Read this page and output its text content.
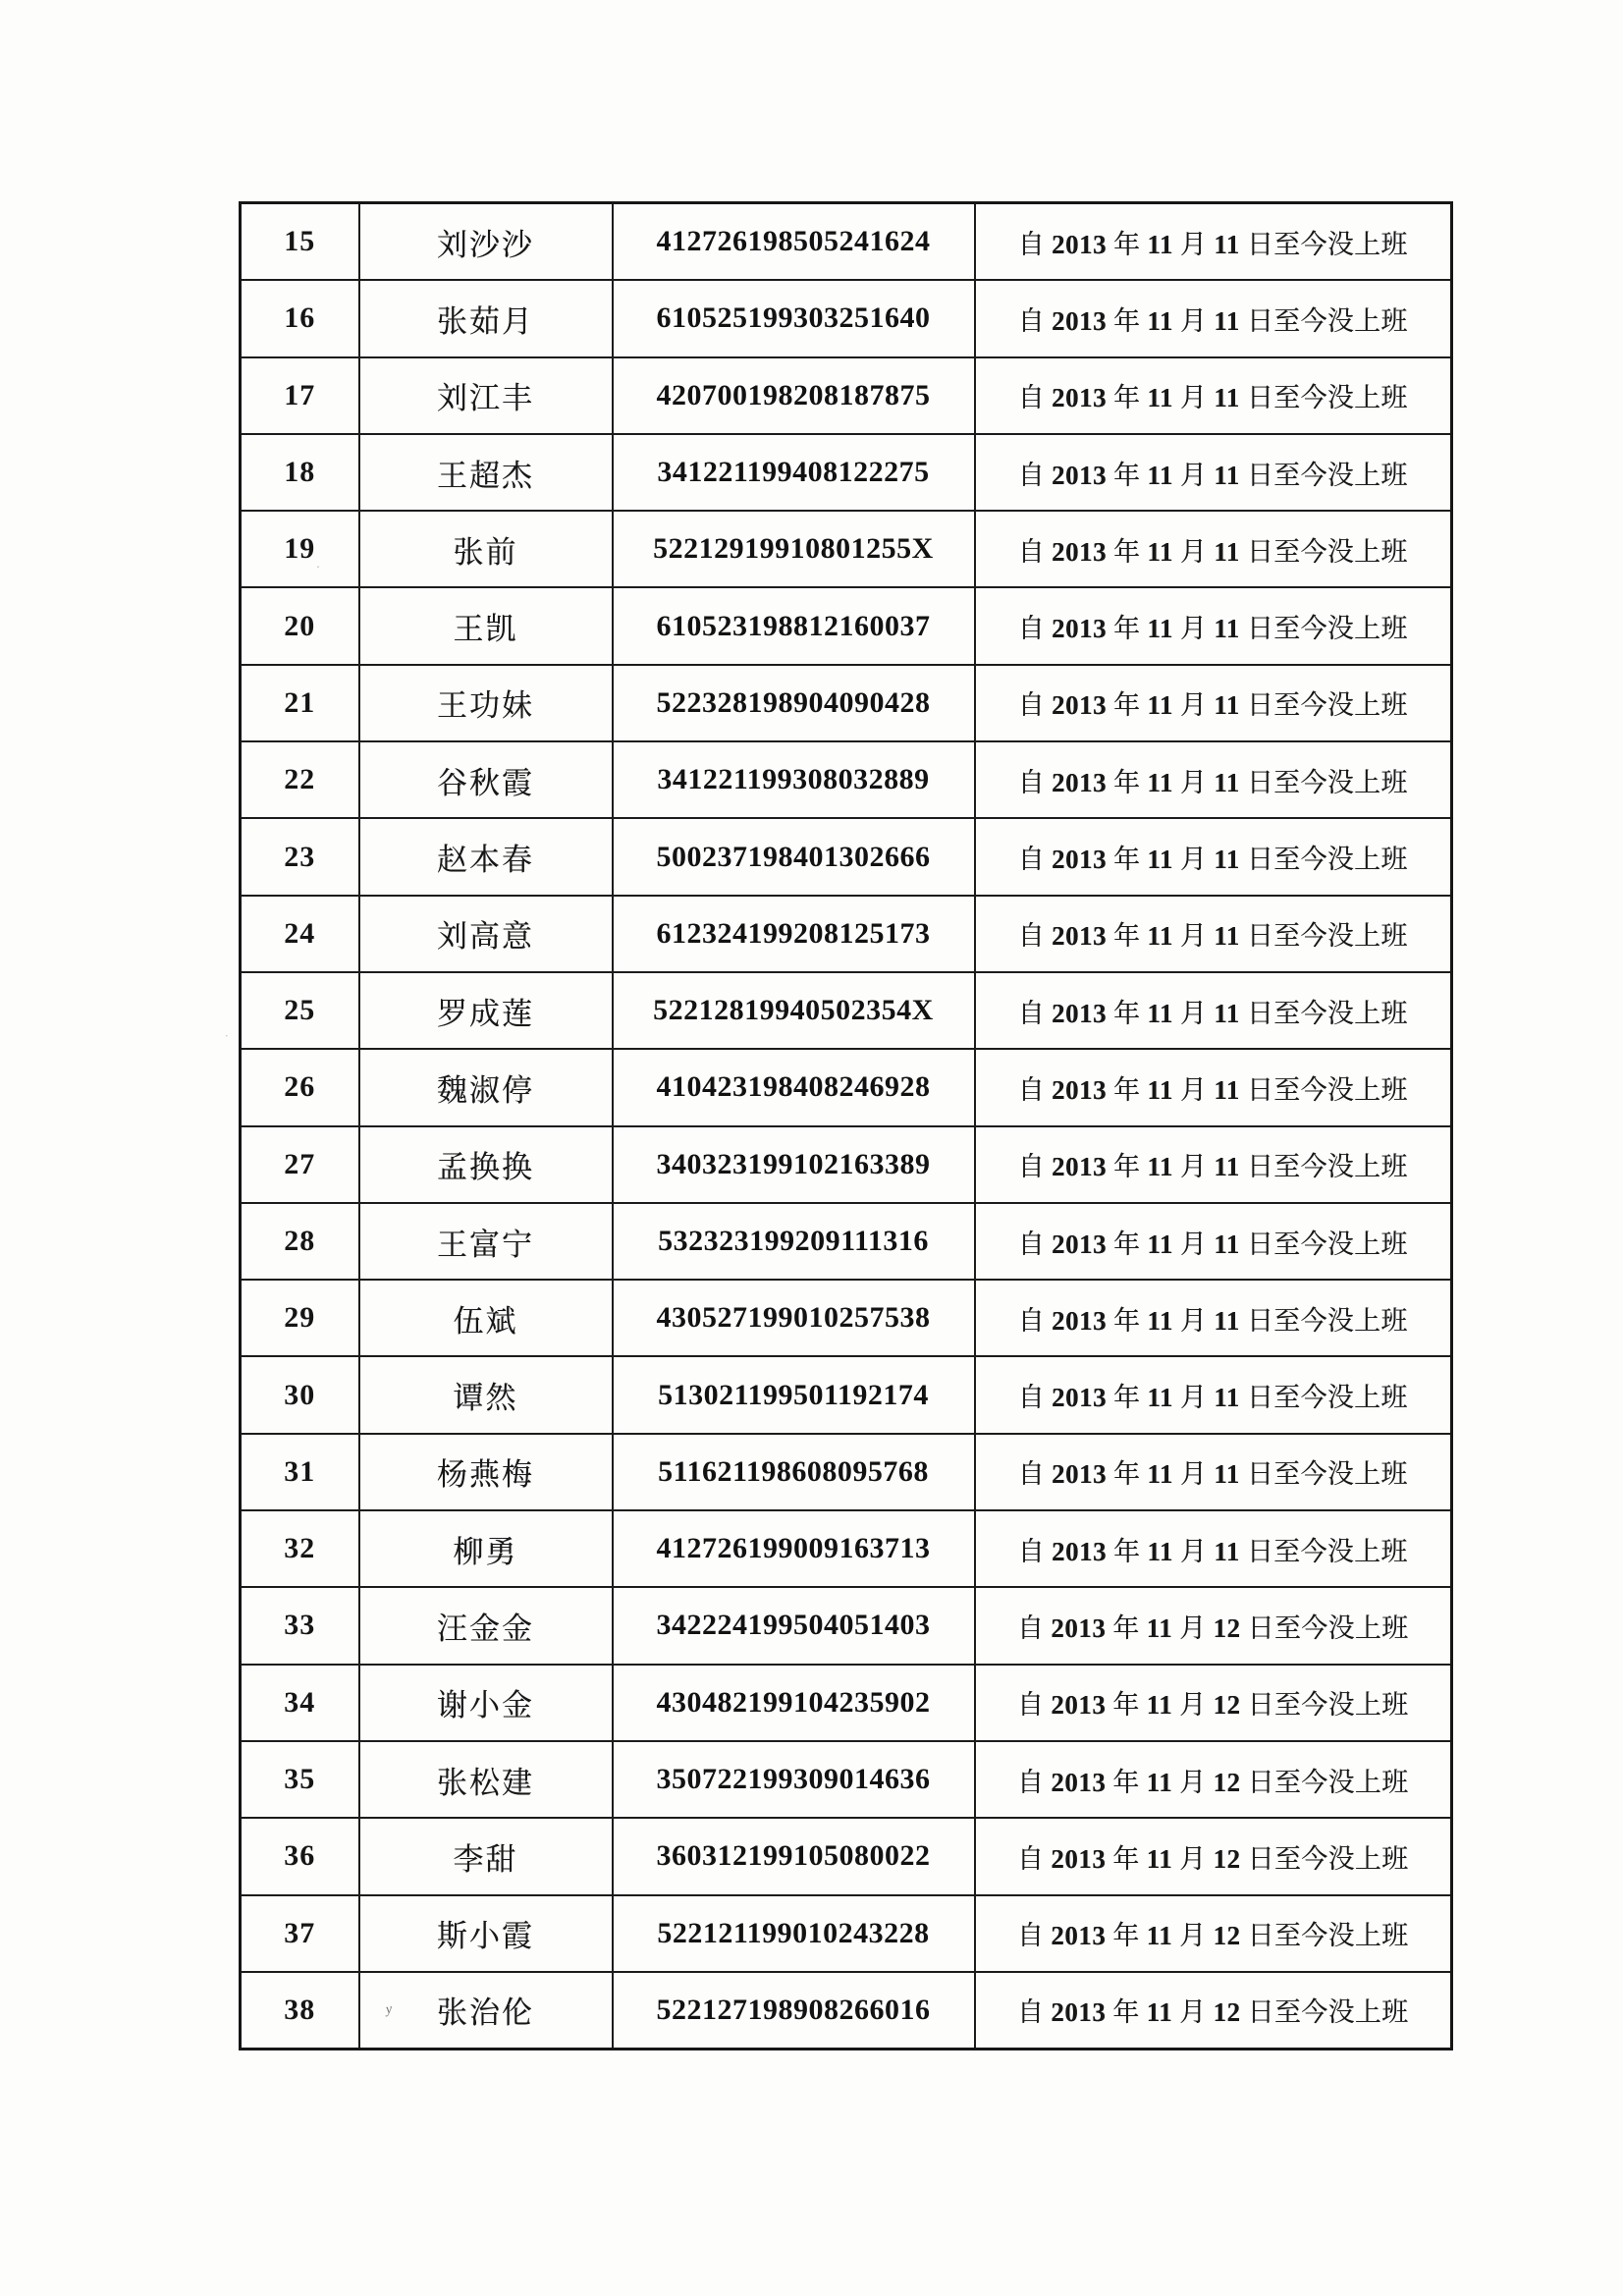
15	刘沙沙	412726198505241624	自 2013 年 11 月 11 日至今没上班
16	张茹月	610525199303251640	自 2013 年 11 月 11 日至今没上班
17	刘江丰	420700198208187875	自 2013 年 11 月 11 日至今没上班
18	王超杰	341221199408122275	自 2013 年 11 月 11 日至今没上班
19	张前	52212919910801255X	自 2013 年 11 月 11 日至今没上班
20	王凯	610523198812160037	自 2013 年 11 月 11 日至今没上班
21	王功妹	522328198904090428	自 2013 年 11 月 11 日至今没上班
22	谷秋霞	341221199308032889	自 2013 年 11 月 11 日至今没上班
23	赵本春	500237198401302666	自 2013 年 11 月 11 日至今没上班
24	刘高意	612324199208125173	自 2013 年 11 月 11 日至今没上班
25	罗成莲	52212819940502354X	自 2013 年 11 月 11 日至今没上班
26	魏淑停	410423198408246928	自 2013 年 11 月 11 日至今没上班
27	孟换换	340323199102163389	自 2013 年 11 月 11 日至今没上班
28	王富宁	532323199209111316	自 2013 年 11 月 11 日至今没上班
29	伍斌	430527199010257538	自 2013 年 11 月 11 日至今没上班
30	谭然	513021199501192174	自 2013 年 11 月 11 日至今没上班
31	杨燕梅	511621198608095768	自 2013 年 11 月 11 日至今没上班
32	柳勇	412726199009163713	自 2013 年 11 月 11 日至今没上班
33	汪金金	342224199504051403	自 2013 年 11 月 12 日至今没上班
34	谢小金	430482199104235902	自 2013 年 11 月 12 日至今没上班
35	张松建	350722199309014636	自 2013 年 11 月 12 日至今没上班
36	李甜	360312199105080022	自 2013 年 11 月 12 日至今没上班
37	斯小霞	522121199010243228	自 2013 年 11 月 12 日至今没上班
38	张治伦	522127198908266016	自 2013 年 11 月 12 日至今没上班
y
·
·
